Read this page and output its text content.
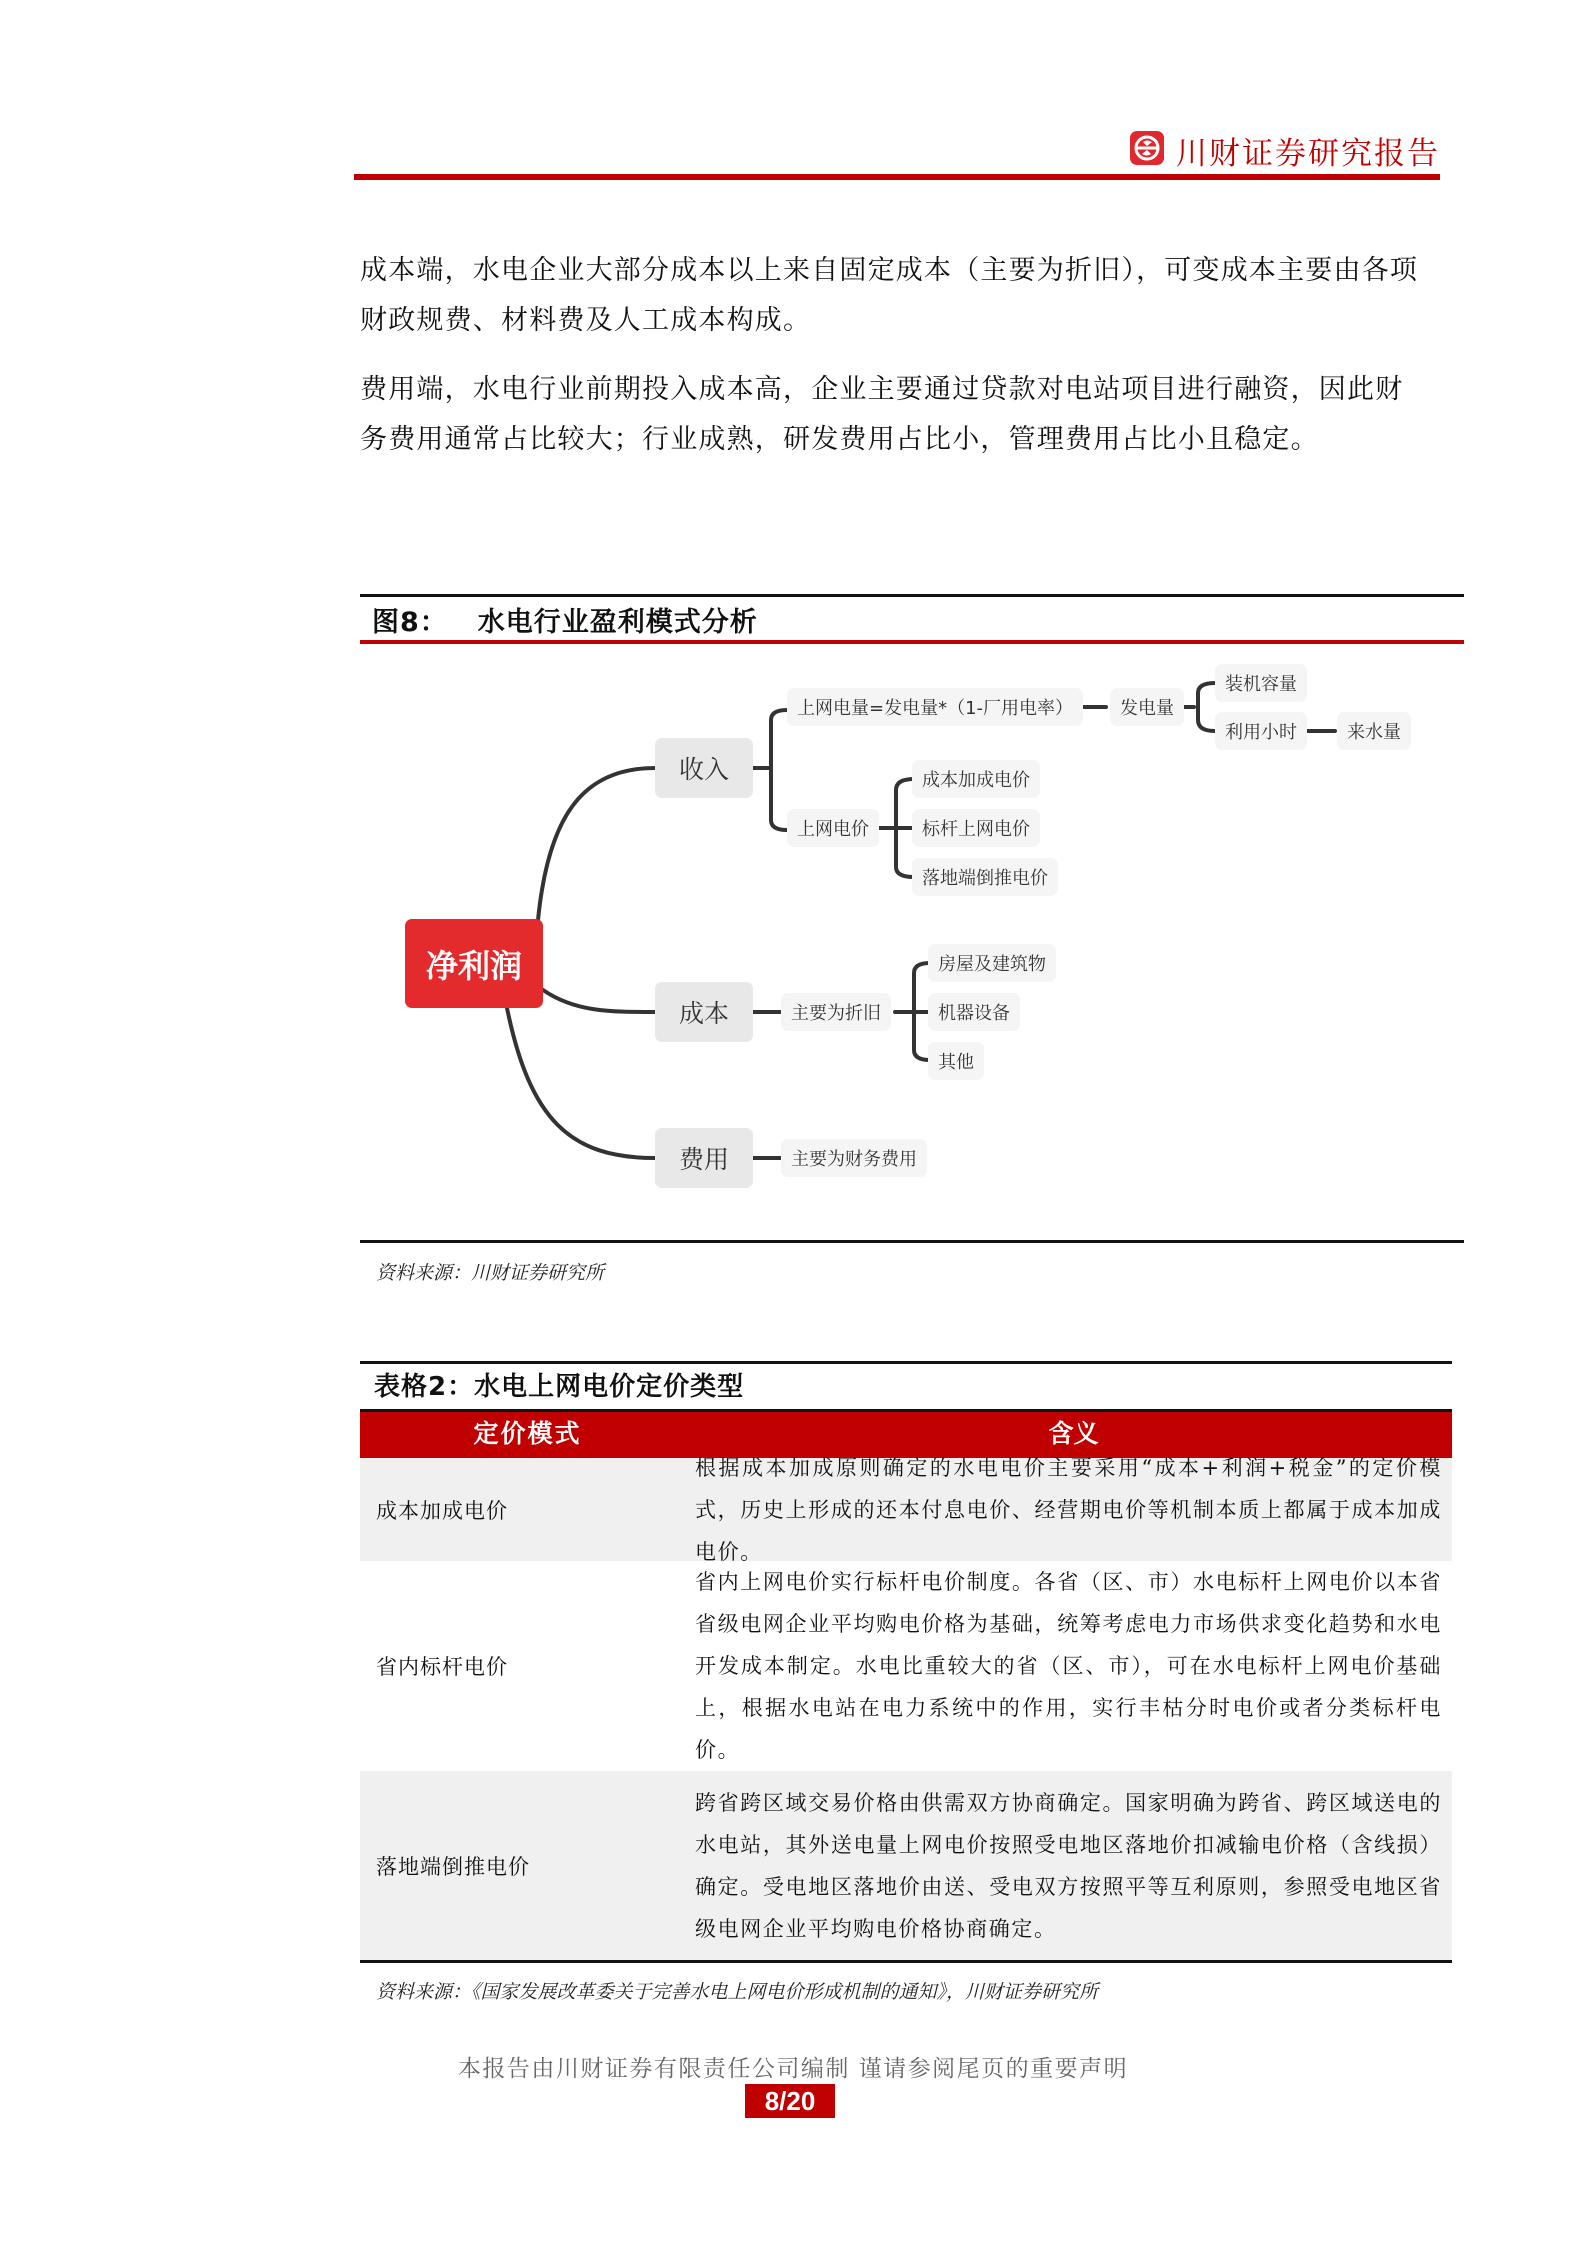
川财证券研究报告
成本端，水电企业大部分成本以上来自固定成本（主要为折旧），可变成本主要由各项财政规费、材料费及人工成本构成。
费用端，水电行业前期投入成本高，企业主要通过贷款对电站项目进行融资，因此财务费用通常占比较大；行业成熟，研发费用占比小，管理费用占比小且稳定。
图8： 水电行业盈利模式分析
净利润
收入
成本
费用
上网电量=发电量*（1-厂用电率）	发电量
装机容量
利用小时	来水量
上网电价
成本加成电价
标杆上网电价
落地端倒推电价
主要为折旧
房屋及建筑物
机器设备
其他
主要为财务费用
资料来源：川财证券研究所
表格2：水电上网电价定价类型
定价模式	含义
成本加成电价
根据成本加成原则确定的水电电价主要采用“成本+利润+税金”的定价模式，历史上形成的还本付息电价、经营期电价等机制本质上都属于成本加成电价。
省内标杆电价
省内上网电价实行标杆电价制度。各省（区、市）水电标杆上网电价以本省省级电网企业平均购电价格为基础，统筹考虑电力市场供求变化趋势和水电开发成本制定。水电比重较大的省（区、市），可在水电标杆上网电价基础上，根据水电站在电力系统中的作用，实行丰枯分时电价或者分类标杆电价。
落地端倒推电价
跨省跨区域交易价格由供需双方协商确定。国家明确为跨省、跨区域送电的水电站，其外送电量上网电价按照受电地区落地价扣减输电价格（含线损）确定。受电地区落地价由送、受电双方按照平等互利原则，参照受电地区省级电网企业平均购电价格协商确定。
资料来源：《国家发展改革委关于完善水电上网电价形成机制的通知》，川财证券研究所
本报告由川财证券有限责任公司编制 谨请参阅尾页的重要声明
8/20
